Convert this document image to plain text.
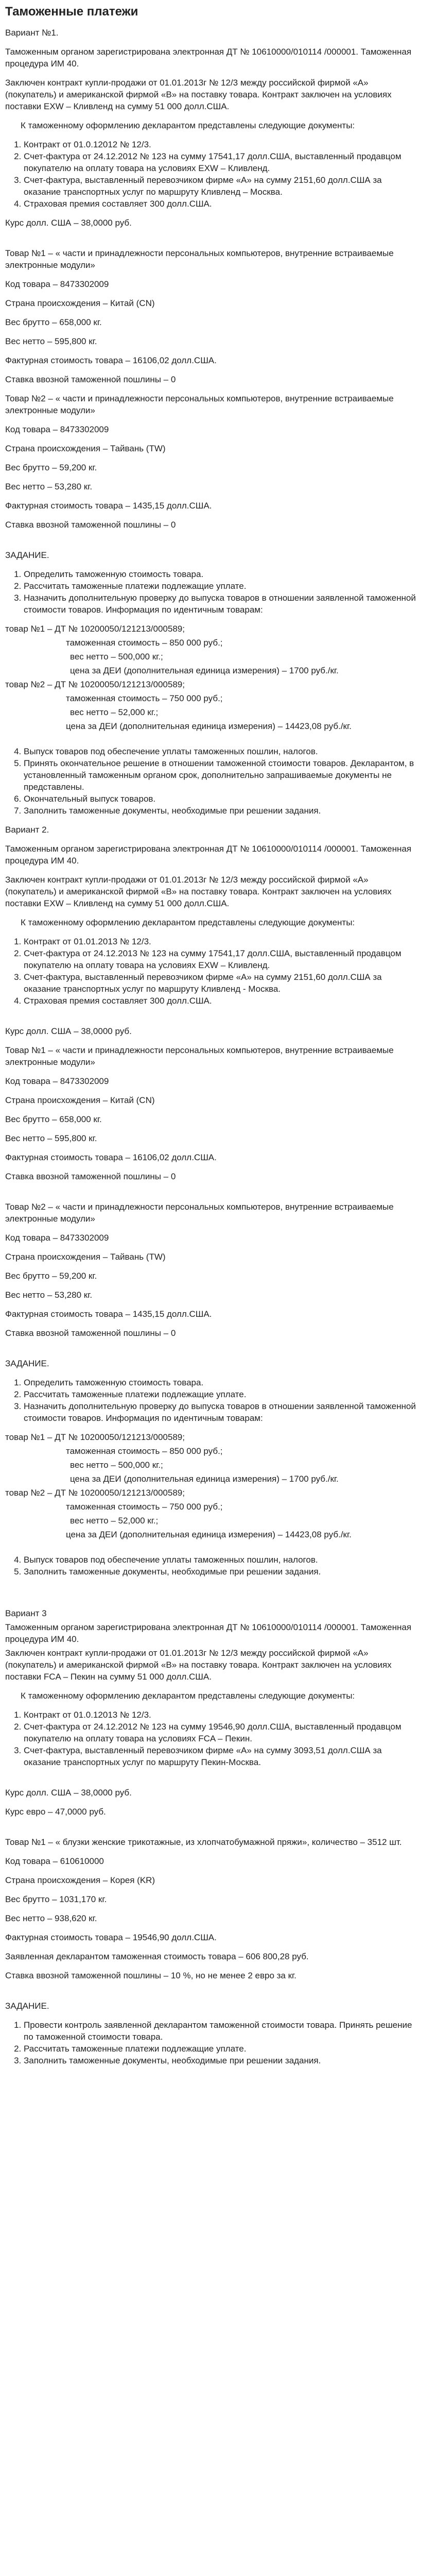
Таможенные платежи

Вариант №1.

Таможенным органом зарегистрирована электронная ДТ № 10610000/010114 /000001. Таможенная процедура ИМ 40.

Заключен контракт купли-продажи от 01.01.2013г № 12/3 между российской фирмой «А» (покупатель) и американской фирмой «В» на поставку товара. Контракт заключен на условиях поставки EXW – Кливленд на сумму 51 000 долл.США.

К таможенному оформлению декларантом представлены следующие документы:

1. Контракт от 01.0.12012 № 12/3.
2. Счет-фактура от 24.12.2012 № 123 на сумму 17541,17 долл.США, выставленный продавцом покупателю на оплату товара на условиях EXW – Кливленд.
3. Счет-фактура, выставленный перевозчиком фирме «А» на сумму 2151,60 долл.США за оказание транспортных услуг по маршруту Кливленд – Москва.
4. Страховая премия составляет 300 долл.США.

Курс долл. США – 38,0000 руб.

Товар №1 – « части и принадлежности персональных компьютеров, внутренние встраиваемые электронные модули»

Код товара – 8473302009

Страна происхождения – Китай (CN)

Вес брутто – 658,000 кг.

Вес нетто – 595,800 кг.

Фактурная стоимость товара – 16106,02 долл.США.

Ставка ввозной таможенной пошлины – 0

Товар №2 – « части и принадлежности персональных компьютеров, внутренние встраиваемые электронные модули»

Код товара – 8473302009

Страна происхождения – Тайвань (TW)

Вес брутто – 59,200 кг.

Вес нетто – 53,280 кг.

Фактурная стоимость товара – 1435,15 долл.США.

Ставка ввозной таможенной пошлины – 0

ЗАДАНИЕ.

1. Определить таможенную стоимость товара.
2. Рассчитать таможенные платежи подлежащие уплате.
3. Назначить дополнительную проверку до выпуска товаров в отношении заявленной таможенной стоимости товаров. Информация по идентичным товарам:

товар №1 – ДТ № 10200050/121213/000589;

таможенная стоимость – 850 000 руб.;

вес нетто – 500,000 кг.;

цена за ДЕИ (дополнительная единица измерения) – 1700 руб./кг.

товар №2 – ДТ № 10200050/121213/000589;

таможенная стоимость – 750 000 руб.;

вес нетто – 52,000 кг.;

цена за ДЕИ (дополнительная единица измерения) – 14423,08 руб./кг.

4. Выпуск товаров под обеспечение уплаты таможенных пошлин, налогов.
5. Принять окончательное решение в отношении таможенной стоимости товаров. Декларантом, в установленный таможенным органом срок, дополнительно запрашиваемые документы не представлены.
6. Окончательный выпуск товаров.
7. Заполнить таможенные документы, необходимые при решении задания.

Вариант 2.

Таможенным органом зарегистрирована электронная ДТ № 10610000/010114 /000001. Таможенная процедура ИМ 40.

Заключен контракт купли-продажи от 01.01.2013г № 12/3 между российской фирмой «А» (покупатель) и американской фирмой «В» на поставку товара. Контракт заключен на условиях поставки EXW – Кливленд на сумму 51 000 долл.США.

К таможенному оформлению декларантом представлены следующие документы:

1. Контракт от 01.01.2013 № 12/3.
2. Счет-фактура от 24.12.2013 № 123 на сумму 17541,17 долл.США, выставленный продавцом покупателю на оплату товара на условиях EXW – Кливленд.
3. Счет-фактура, выставленный перевозчиком фирме «А» на сумму 2151,60 долл.США за оказание транспортных услуг по маршруту Кливленд - Москва.
4. Страховая премия составляет 300 долл.США.

Курс долл. США – 38,0000 руб.

Товар №1 – « части и принадлежности персональных компьютеров, внутренние встраиваемые электронные модули»

Код товара – 8473302009

Страна происхождения – Китай (CN)

Вес брутто – 658,000 кг.

Вес нетто – 595,800 кг.

Фактурная стоимость товара – 16106,02 долл.США.

Ставка ввозной таможенной пошлины – 0

Товар №2 – « части и принадлежности персональных компьютеров, внутренние встраиваемые электронные модули»

Код товара – 8473302009

Страна происхождения – Тайвань (TW)

Вес брутто – 59,200 кг.

Вес нетто – 53,280 кг.

Фактурная стоимость товара – 1435,15 долл.США.

Ставка ввозной таможенной пошлины – 0

ЗАДАНИЕ.

1. Определить таможенную стоимость товара.
2. Рассчитать таможенные платежи подлежащие уплате.
3. Назначить дополнительную проверку до выпуска товаров в отношении заявленной таможенной стоимости товаров. Информация по идентичным товарам:

товар №1 – ДТ № 10200050/121213/000589;

таможенная стоимость – 850 000 руб.;

вес нетто – 500,000 кг.;

цена за ДЕИ (дополнительная единица измерения) – 1700 руб./кг.

товар №2 – ДТ № 10200050/121213/000589;

таможенная стоимость – 750 000 руб.;

вес нетто – 52,000 кг.;

цена за ДЕИ (дополнительная единица измерения) – 14423,08 руб./кг.

4. Выпуск товаров под обеспечение уплаты таможенных пошлин, налогов.
5. Заполнить таможенные документы, необходимые при решении задания.

Вариант 3

Таможенным органом зарегистрирована электронная ДТ № 10610000/010114 /000001. Таможенная процедура ИМ 40.

Заключен контракт купли-продажи от 01.01.2013г № 12/3 между российской фирмой «А» (покупатель) и американской фирмой «В» на поставку товара. Контракт заключен на условиях поставки FCA – Пекин на сумму 51 000 долл.США.

К таможенному оформлению декларантом представлены следующие документы:

1. Контракт от 01.0.12013 № 12/3.
2. Счет-фактура от 24.12.2012 № 123 на сумму 19546,90 долл.США, выставленный продавцом покупателю на оплату товара на условиях FCA – Пекин.
3. Счет-фактура, выставленный перевозчиком фирме «А» на сумму 3093,51 долл.США за оказание транспортных услуг по маршруту Пекин-Москва.

Курс долл. США – 38,0000 руб.

Курс евро – 47,0000 руб.

Товар №1 – « блузки женские трикотажные, из хлопчатобумажной пряжи», количество – 3512 шт.

Код товара – 610610000

Страна происхождения – Корея (KR)

Вес брутто – 1031,170 кг.

Вес нетто – 938,620 кг.

Фактурная стоимость товара – 19546,90 долл.США.

Заявленная декларантом таможенная стоимость товара – 606 800,28 руб.

Ставка ввозной таможенной пошлины – 10 %, но не менее 2 евро за кг.

ЗАДАНИЕ.

1. Провести контроль заявленной декларантом таможенной стоимости товара. Принять решение по таможенной стоимости товара.
2. Рассчитать таможенные платежи подлежащие уплате.
3. Заполнить таможенные документы, необходимые при решении задания.
